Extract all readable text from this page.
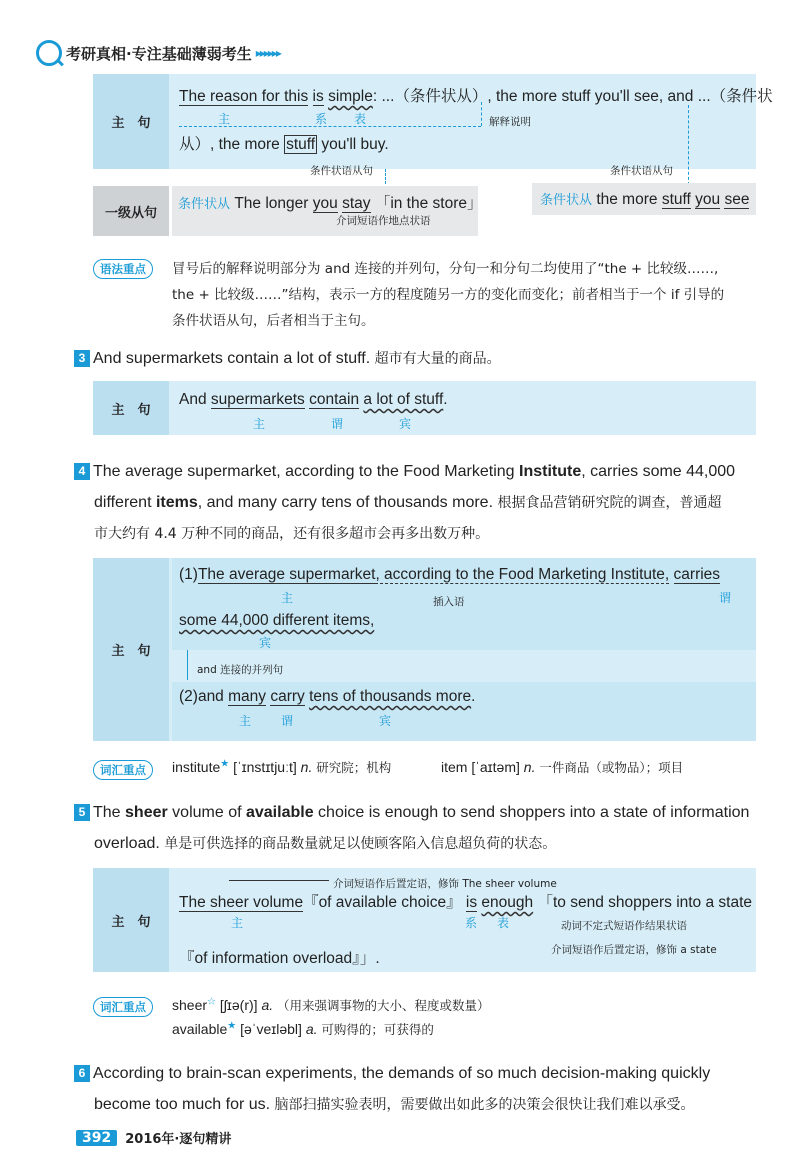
考研真相·专注基础薄弱考生 ▸▸▸▸▸▸
主　句
The reason for this is simple: ...（条件状从）, the more stuff you'll see, and ...（条件状
主	系 表	解释说明
从）, the more stuff you'll buy.
条件状语从句	条件状语从句
一级从句
条件状从 The longer you stay 「in the store」
介词短语作地点状语
条件状从 the more stuff you see
语法重点	冒号后的解释说明部分为 and 连接的并列句，分句一和分句二均使用了“the + 比较级……,
the + 比较级……”结构，表示一方的程度随另一方的变化而变化；前者相当于一个 if 引导的
条件状语从句，后者相当于主句。
3 And supermarkets contain a lot of stuff. 超市有大量的商品。
主　句
And supermarkets contain a lot of stuff.
主	谓	宾
4 The average supermarket, according to the Food Marketing Institute, carries some 44,000
different items, and many carry tens of thousands more. 根据食品营销研究院的调查，普通超
市大约有 4.4 万种不同的商品，还有很多超市会再多出数万种。
主　句
(1)The average supermarket, according to the Food Marketing Institute, carries
主	插入语	谓
some 44,000 different items,
宾
and 连接的并列句
(2)and many carry tens of thousands more.
主 谓	宾
词汇重点	institute★ [ˈɪnstɪtjuːt] n. 研究院；机构	item [ˈaɪtəm] n. 一件商品（或物品）；项目
5 The sheer volume of available choice is enough to send shoppers into a state of information
overload. 单是可供选择的商品数量就足以使顾客陷入信息超负荷的状态。
主　句
介词短语作后置定语，修饰 The sheer volume
The sheer volume『of available choice』 is enough 「to send shoppers into a state
主	系 表	动词不定式短语作结果状语
『of information overload』」.	介词短语作后置定语，修饰 a state
词汇重点	sheer☆ [ʃɪə(r)] a. （用来强调事物的大小、程度或数量）
available★ [əˈveɪləbl] a. 可购得的；可获得的
6 According to brain-scan experiments, the demands of so much decision-making quickly
become too much for us. 脑部扫描实验表明，需要做出如此多的决策会很快让我们难以承受。
392	2016年·逐句精讲
